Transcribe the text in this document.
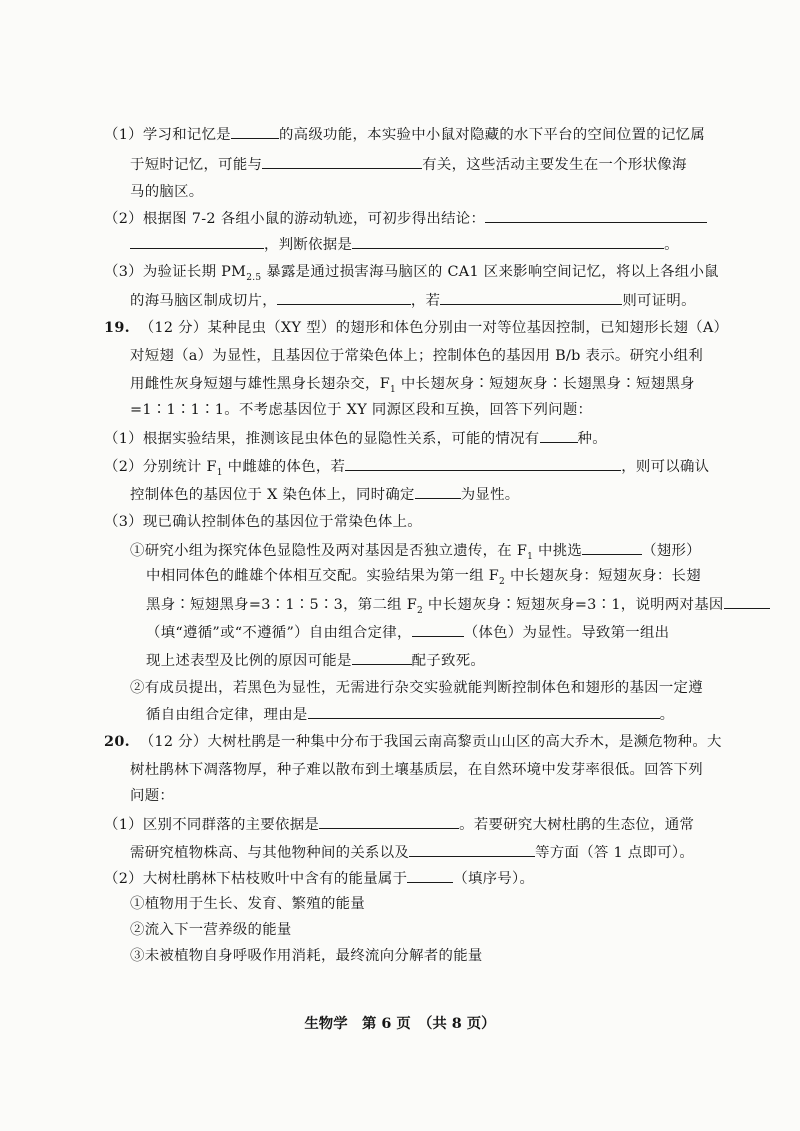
（1）学习和记忆是	的高级功能，本实验中小鼠对隐藏的水下平台的空间位置的记忆属
于短时记忆，可能与	有关，这些活动主要发生在一个形状像海
马的脑区。
（2）根据图 7-2 各组小鼠的游动轨迹，可初步得出结论：
，判断依据是	。
（3）为验证长期 $PM_{2.5}$ 暴露是通过损害海马脑区的 CA1 区来影响空间记忆，将以上各组小鼠
的海马脑区制成切片，	，若	则可证明。
19. （12 分）某种昆虫（XY 型）的翅形和体色分别由一对等位基因控制，已知翅形长翅（A）
对短翅（a）为显性，且基因位于常染色体上；控制体色的基因用 B/b 表示。研究小组利
用雌性灰身短翅与雄性黑身长翅杂交，$F_1$ 中长翅灰身∶短翅灰身∶长翅黑身∶短翅黑身
=1∶1∶1∶1。不考虑基因位于 XY 同源区段和互换，回答下列问题：
（1）根据实验结果，推测该昆虫体色的显隐性关系，可能的情况有	种。
（2）分别统计 $F_1$ 中雌雄的体色，若	，则可以确认
控制体色的基因位于 X 染色体上，同时确定	为显性。
（3）现已确认控制体色的基因位于常染色体上。
①研究小组为探究体色显隐性及两对基因是否独立遗传，在 $F_1$ 中挑选	（翅形）
中相同体色的雌雄个体相互交配。实验结果为第一组 $F_2$ 中长翅灰身：短翅灰身：长翅
黑身∶短翅黑身=3∶1∶5∶3，第二组 $F_2$ 中长翅灰身∶短翅灰身=3∶1，说明两对基因
（填“遵循”或“不遵循”）自由组合定律，	（体色）为显性。导致第一组出
现上述表型及比例的原因可能是	配子致死。
②有成员提出，若黑色为显性，无需进行杂交实验就能判断控制体色和翅形的基因一定遵
循自由组合定律，理由是	。
20. （12 分）大树杜鹃是一种集中分布于我国云南高黎贡山山区的高大乔木，是濒危物种。大
树杜鹃林下凋落物厚，种子难以散布到土壤基质层，在自然环境中发芽率很低。回答下列
问题：
（1）区别不同群落的主要依据是	。若要研究大树杜鹃的生态位，通常
需研究植物株高、与其他物种间的关系以及	等方面（答 1 点即可）。
（2）大树杜鹃林下枯枝败叶中含有的能量属于	（填序号）。
①植物用于生长、发育、繁殖的能量
②流入下一营养级的能量
③未被植物自身呼吸作用消耗，最终流向分解者的能量
生物学　第 6 页　（共 8 页）
